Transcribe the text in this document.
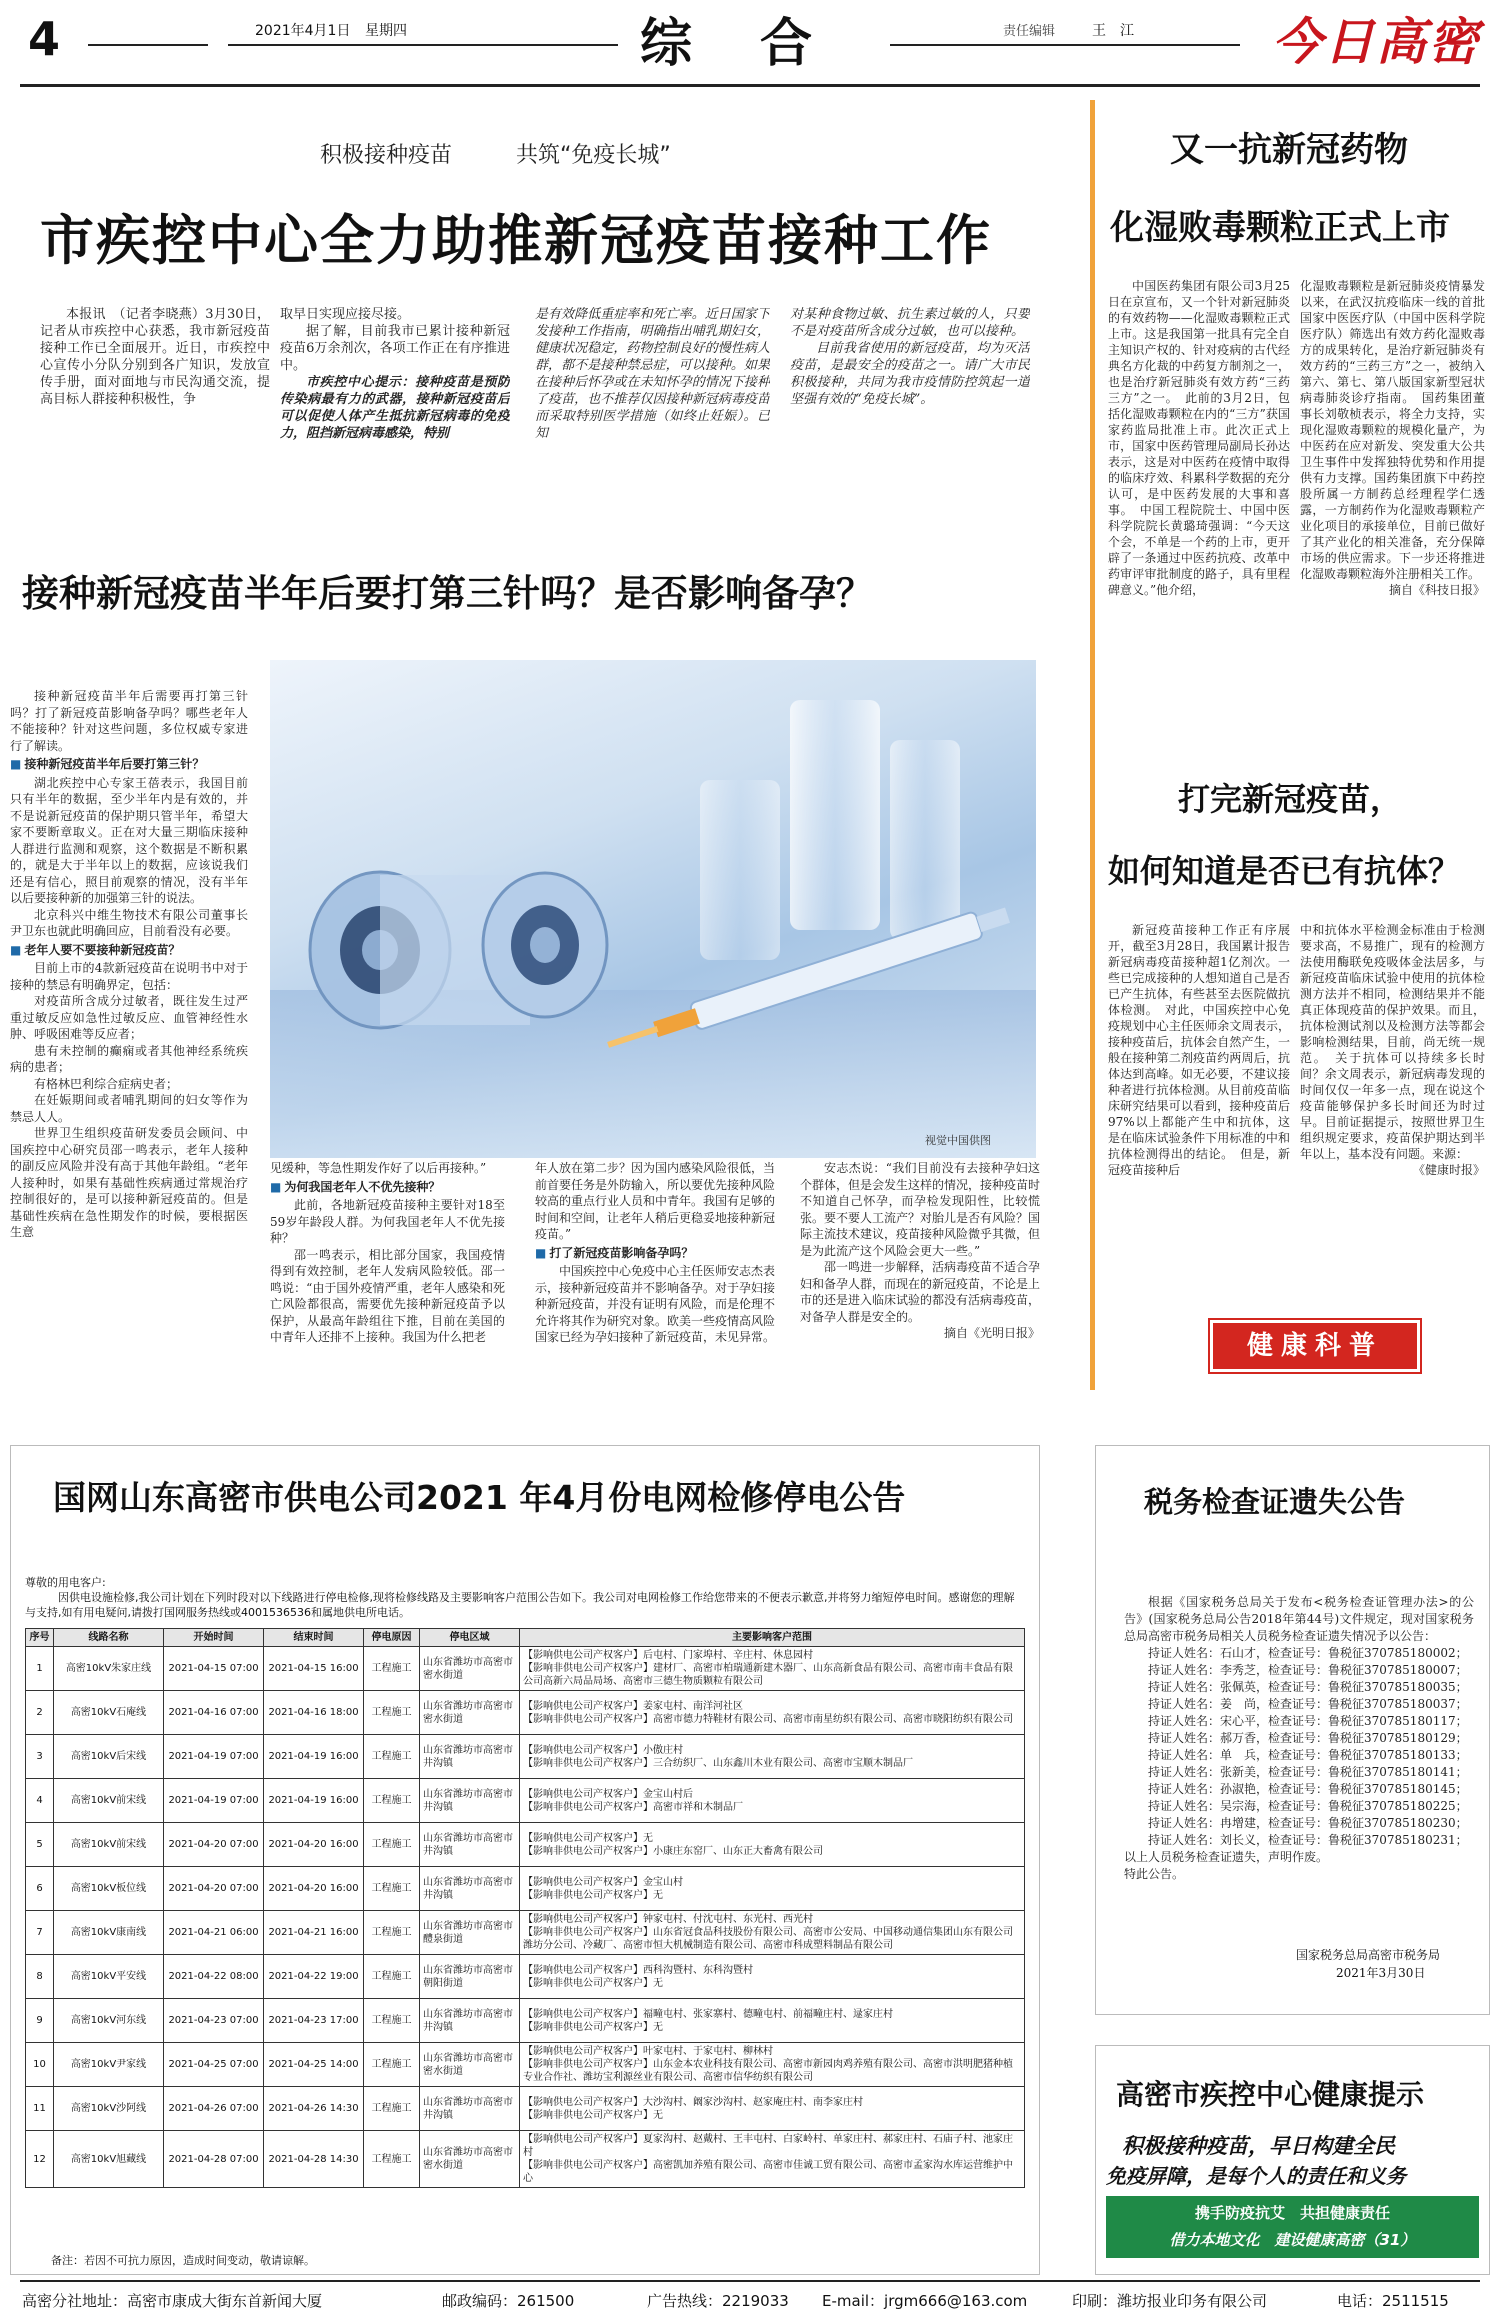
4	2021年4月1日 星期四	综　合	责任编辑	王　江	今日高密
积极接种疫苗	共筑“免疫长城”
市疾控中心全力助推新冠疫苗接种工作

本报讯　（记者李晓燕）3月30日，记者从市疾控中心获悉，我市新冠疫苗接种工作已全面展开。近日，市疾控中心宣传小分队分别到各广知识，发放宣传手册，面对面地与市民沟通交流，提高目标人群接种积极性，争

取早日实现应接尽接。

据了解，目前我市已累计接种新冠疫苗6万余剂次，各项工作正在有序推进中。

市疾控中心提示：接种疫苗是预防传染病最有力的武器，接种新冠疫苗后可以促使人体产生抵抗新冠病毒的免疫力，阻挡新冠病毒感染，特别

是有效降低重症率和死亡率。近日国家下发接种工作指南，明确指出哺乳期妇女，健康状况稳定，药物控制良好的慢性病人群，都不是接种禁忌症，可以接种。如果在接种后怀孕或在未知怀孕的情况下接种了疫苗，也不推荐仅因接种新冠病毒疫苗而采取特别医学措施（如终止妊娠）。已知

对某种食物过敏、抗生素过敏的人，只要不是对疫苗所含成分过敏，也可以接种。

目前我省使用的新冠疫苗，均为灭活疫苗，是最安全的疫苗之一。请广大市民积极接种，共同为我市疫情防控筑起一道坚强有效的“免疫长城”。

接种新冠疫苗半年后要打第三针吗？是否影响备孕？

接种新冠疫苗半年后需要再打第三针吗？打了新冠疫苗影响备孕吗？哪些老年人不能接种？针对这些问题，多位权威专家进行了解读。

■ 接种新冠疫苗半年后要打第三针？

湖北疾控中心专家王蓓表示，我国目前只有半年的数据，至少半年内是有效的，并不是说新冠疫苗的保护期只管半年，希望大家不要断章取义。正在对大量三期临床接种人群进行监测和观察，这个数据是不断积累的，就是大于半年以上的数据，应该说我们还是有信心，照目前观察的情况，没有半年以后要接种新的加强第三针的说法。

北京科兴中维生物技术有限公司董事长尹卫东也就此明确回应，目前看没有必要。

■ 老年人要不要接种新冠疫苗？

目前上市的4款新冠疫苗在说明书中对于接种的禁忌有明确界定，包括：

对疫苗所含成分过敏者，既往发生过严重过敏反应如急性过敏反应、血管神经性水肿、呼吸困难等反应者；

患有未控制的癫痫或者其他神经系统疾病的患者；

有格林巴利综合症病史者；

在妊娠期间或者哺乳期间的妇女等作为禁忌人人。

世界卫生组织疫苗研发委员会顾问、中国疾控中心研究员邵一鸣表示，老年人接种的副反应风险并没有高于其他年龄组。“老年人接种时，如果有基础性疾病通过常规治疗控制很好的，是可以接种新冠疫苗的。但是基础性疾病在急性期发作的时候，要根据医生意

视觉中国供图

见缓种，等急性期发作好了以后再接种。”

■ 为何我国老年人不优先接种？

此前，各地新冠疫苗接种主要针对18至59岁年龄段人群。为何我国老年人不优先接种？

邵一鸣表示，相比部分国家，我国疫情得到有效控制，老年人发病风险较低。邵一鸣说：“由于国外疫情严重，老年人感染和死亡风险都很高，需要优先接种新冠疫苗予以保护，从最高年龄组往下推，目前在美国的中青年人还排不上接种。我国为什么把老

年人放在第二步？因为国内感染风险很低，当前首要任务是外防输入，所以要优先接种风险较高的重点行业人员和中青年。我国有足够的时间和空间，让老年人稍后更稳妥地接种新冠疫苗。”

■ 打了新冠疫苗影响备孕吗？

中国疾控中心免疫中心主任医师安志杰表示，接种新冠疫苗并不影响备孕。对于孕妇接种新冠疫苗，并没有证明有风险，而是伦理不允许将其作为研究对象。欧美一些疫情高风险国家已经为孕妇接种了新冠疫苗，未见异常。

安志杰说：“我们目前没有去接种孕妇这个群体，但是会发生这样的情况，接种疫苗时不知道自己怀孕，而孕检发现阳性，比较慌张。要不要人工流产？对胎儿是否有风险？国际主流技术建议，疫苗接种风险微乎其微，但是为此流产这个风险会更大一些。”

邵一鸣进一步解释，活病毒疫苗不适合孕妇和备孕人群，而现在的新冠疫苗，不论是上市的还是进入临床试验的都没有活病毒疫苗，对备孕人群是安全的。

摘自《光明日报》
又一抗新冠药物
化湿败毒颗粒正式上市

中国医药集团有限公司3月25日在京宣布，又一个针对新冠肺炎的有效药物——化湿败毒颗粒正式上市。这是我国第一批具有完全自主知识产权的、针对疫病的古代经典名方化裁的中药复方制剂之一，也是治疗新冠肺炎有效方药“三药三方”之一。　此前的3月2日，包括化湿败毒颗粒在内的“三方”获国家药监局批准上市。此次正式上市，国家中医药管理局副局长孙达表示，这是对中医药在疫情中取得的临床疗效、科累科学数据的充分认可，是中医药发展的大事和喜事。　中国工程院院士、中国中医科学院院长黄璐琦强调：“今天这个会，不单是一个药的上市，更开辟了一条通过中医药抗疫、改革中药审评审批制度的路子，具有里程碑意义。”他介绍，

化湿败毒颗粒是新冠肺炎疫情暴发以来，在武汉抗疫临床一线的首批国家中医医疗队（中国中医科学院医疗队）筛选出有效方药化湿败毒方的成果转化，是治疗新冠肺炎有效方药的“三药三方”之一，被纳入第六、第七、第八版国家新型冠状病毒肺炎诊疗指南。　国药集团董事长刘敬桢表示，将全力支持，实现化湿败毒颗粒的规模化量产，为中医药在应对新发、突发重大公共卫生事件中发挥独特优势和作用提供有力支撑。国药集团旗下中药控股所属一方制药总经理程学仁透露，一方制药作为化湿败毒颗粒产业化项目的承接单位，目前已做好了其产业化的相关准备，充分保障市场的供应需求。下一步还将推进化湿败毒颗粒海外注册相关工作。

摘自《科技日报》
打完新冠疫苗，
如何知道是否已有抗体？

新冠疫苗接种工作正有序展开，截至3月28日，我国累计报告新冠病毒疫苗接种超1亿剂次。一些已完成接种的人想知道自己是否已产生抗体，有些甚至去医院做抗体检测。　对此，中国疾控中心免疫规划中心主任医师余文周表示，接种疫苗后，抗体会自然产生，一般在接种第二剂疫苗约两周后，抗体达到高峰。如无必要，不建议接种者进行抗体检测。从目前疫苗临床研究结果可以看到，接种疫苗后97%以上都能产生中和抗体，这是在临床试验条件下用标准的中和抗体检测得出的结论。　但是，新冠疫苗接种后

中和抗体水平检测金标准由于检测要求高，不易推广，现有的检测方法使用酶联免疫吸体金法居多，与新冠疫苗临床试验中使用的抗体检测方法并不相同，检测结果并不能真正体现疫苗的保护效果。而且，抗体检测试剂以及检测方法等都会影响检测结果，目前，尚无统一规范。　关于抗体可以持续多长时间？余文周表示，新冠病毒发现的时间仅仅一年多一点，现在说这个疫苗能够保护多长时间还为时过早。目前证据提示，按照世界卫生组织规定要求，疫苗保护期达到半年以上，基本没有问题。来源：

《健康时报》
健康科普
国网山东高密市供电公司2021 年4月份电网检修停电公告
尊敬的用电客户:
因供电设施检修,我公司计划在下列时段对以下线路进行停电检修,现将检修线路及主要影响客户范围公告如下。我公司对电网检修工作给您带来的不便表示歉意,并将努力缩短停电时间。感谢您的理解与支持,如有用电疑问,请拨打国网服务热线或4001536536和属地供电所电话。
序号	线路名称	开始时间	结束时间	停电原因	停电区域	主要影响客户范围
1	高密10kV朱家庄线	2021-04-15 07:00	2021-04-15 16:00	工程施工	山东省潍坊市高密市密水街道	【影响供电公司产权客户】后屯村、门家埠村、辛庄村、休息园村
【影响非供电公司产权客户】建材厂、高密市柏瑞通新建木器厂、山东高新食品有限公司、高密市南丰食品有限公司高新六局品局场、高密市三德生物质颗粒有限公司
2	高密10kV石庵线	2021-04-16 07:00	2021-04-16 18:00	工程施工	山东省潍坊市高密市密水街道	【影响供电公司产权客户】姜家屯村、南洋河社区
【影响非供电公司产权客户】高密市德力特鞋材有限公司、高密市南星纺织有限公司、高密市晓阳纺织有限公司
3	高密10kV后宋线	2021-04-19 07:00	2021-04-19 16:00	工程施工	山东省潍坊市高密市井沟镇	【影响供电公司产权客户】小傲庄村
【影响非供电公司产权客户】三合纺织厂、山东鑫川木业有限公司、高密市宝顺木制品厂
4	高密10kV前宋线	2021-04-19 07:00	2021-04-19 16:00	工程施工	山东省潍坊市高密市井沟镇	【影响供电公司产权客户】金宝山村后
【影响非供电公司产权客户】高密市祥和木制品厂
5	高密10kV前宋线	2021-04-20 07:00	2021-04-20 16:00	工程施工	山东省潍坊市高密市井沟镇	【影响供电公司产权客户】无
【影响非供电公司产权客户】小康庄东窑厂、山东正大畜禽有限公司
6	高密10kV板位线	2021-04-20 07:00	2021-04-20 16:00	工程施工	山东省潍坊市高密市井沟镇	【影响供电公司产权客户】金宝山村
【影响非供电公司产权客户】无
7	高密10kV康南线	2021-04-21 06:00	2021-04-21 16:00	工程施工	山东省潍坊市高密市醴泉街道	【影响供电公司产权客户】钟家屯村、付沈屯村、东光村、西光村
【影响非供电公司产权客户】山东省冠食品科技股份有限公司、高密市公安局、中国移动通信集团山东有限公司潍坊分公司、冷藏厂、高密市恒大机械制造有限公司、高密市科成塑料制品有限公司
8	高密10kV平安线	2021-04-22 08:00	2021-04-22 19:00	工程施工	山东省潍坊市高密市朝阳街道	【影响供电公司产权客户】西科沟暨村、东科沟暨村
【影响非供电公司产权客户】无
9	高密10kV河东线	2021-04-23 07:00	2021-04-23 17:00	工程施工	山东省潍坊市高密市井沟镇	【影响供电公司产权客户】福疃屯村、张家寨村、德疃屯村、前福疃庄村、逯家庄村
【影响非供电公司产权客户】无
10	高密10kV尹家线	2021-04-25 07:00	2021-04-25 14:00	工程施工	山东省潍坊市高密市密水街道	【影响供电公司产权客户】叶家屯村、于家屯村、柳林村
【影响非供电公司产权客户】山东金本农业科技有限公司、高密市新园肉鸡养殖有限公司、高密市洪明肥猪种植专业合作社、潍坊宝利源丝业有限公司、高密市信华纺织有限公司
11	高密10kV沙阿线	2021-04-26 07:00	2021-04-26 14:30	工程施工	山东省潍坊市高密市井沟镇	【影响供电公司产权客户】大沙沟村、阚家沙沟村、赵家庵庄村、南李家庄村
【影响非供电公司产权客户】无
12	高密10kV旭藏线	2021-04-28 07:00	2021-04-28 14:30	工程施工	山东省潍坊市高密市密水街道	【影响供电公司产权客户】夏家沟村、赵戴村、王丰屯村、白家岭村、单家庄村、郝家庄村、石庙子村、池家庄村
【影响非供电公司产权客户】高密凯加养殖有限公司、高密市佳诚工贸有限公司、高密市孟家沟水库运营维护中心
备注：若因不可抗力原因，造成时间变动，敬请谅解。
税务检查证遗失公告

根据《国家税务总局关于发布<税务检查证管理办法>的公告》(国家税务总局公告2018年第44号)文件规定，现对国家税务总局高密市税务局相关人员税务检查证遗失情况予以公告：

持证人姓名：石山才，检查证号：鲁税征370785180002；
持证人姓名：李秀芝，检查证号：鲁税征370785180007；
持证人姓名：张佩英，检查证号：鲁税征370785180035；
持证人姓名：姜　尚，检查证号：鲁税征370785180037；
持证人姓名：宋心平，检查证号：鲁税征370785180117；
持证人姓名：郝万香，检查证号：鲁税征370785180129；
持证人姓名：单　兵，检查证号：鲁税征370785180133；
持证人姓名：张新美，检查证号：鲁税征370785180141；
持证人姓名：孙淑艳，检查证号：鲁税征370785180145；
持证人姓名：吴宗海，检查证号：鲁税征370785180225；
持证人姓名：冉增建，检查证号：鲁税征370785180230；
持证人姓名：刘长义，检查证号：鲁税征370785180231；

以上人员税务检查证遗失，声明作废。

特此公告。

国家税务总局高密市税务局
2021年3月30日
高密市疾控中心健康提示
积极接种疫苗，早日构建全民
免疫屏障，是每个人的责任和义务
携手防疫抗艾　共担健康责任
借力本地文化　建设健康高密（31）
高密分社地址：高密市康成大街东首新闻大厦	邮政编码：261500	广告热线：2219033 E-mail：jrgm666@163.com	印刷：潍坊报业印务有限公司	电话：2511515
